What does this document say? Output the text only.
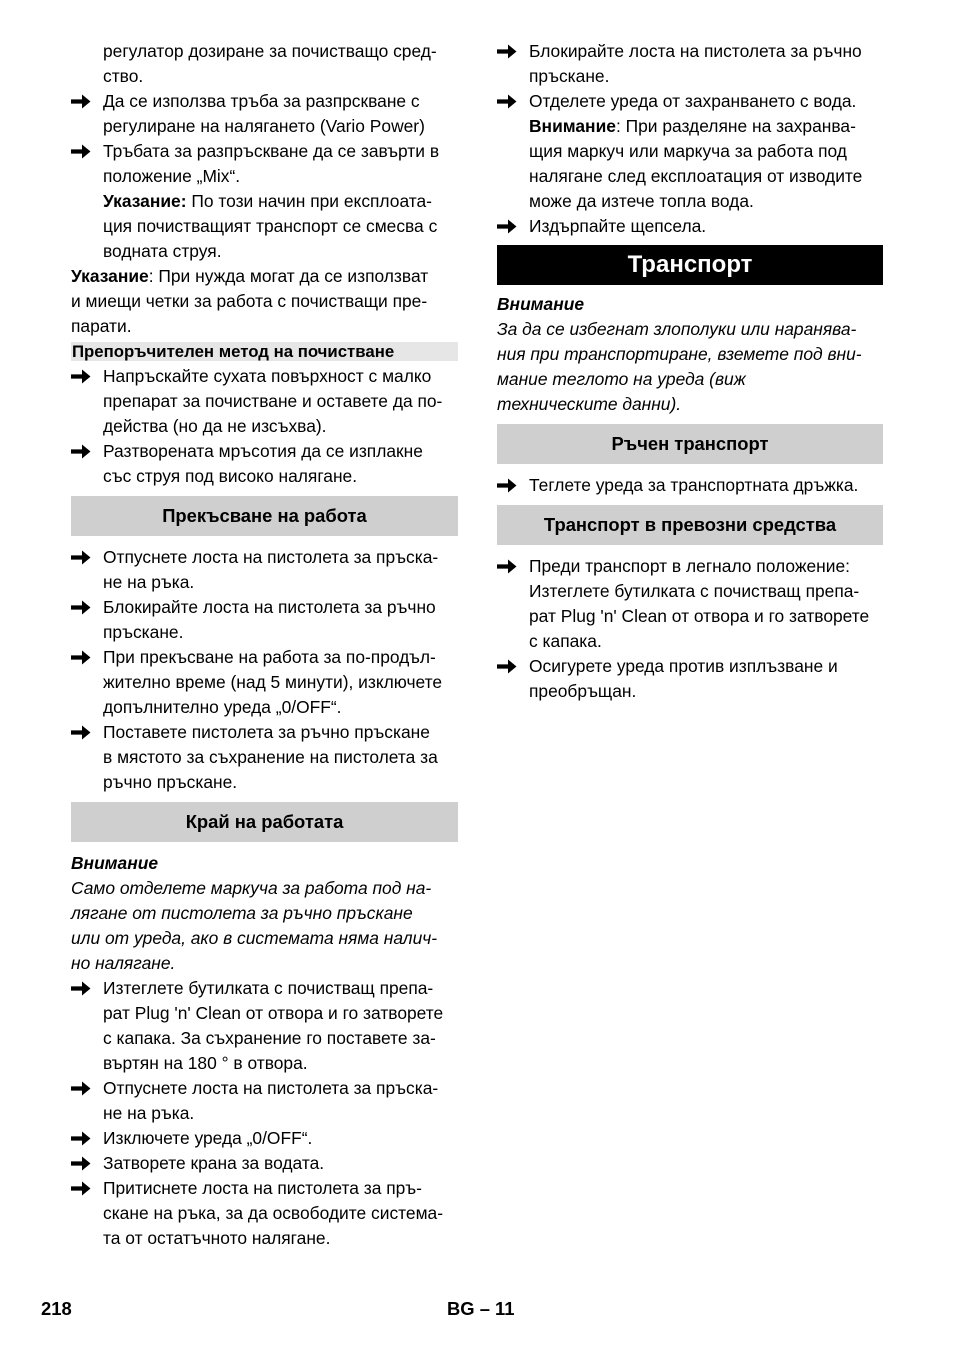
регулатор дозиране за почистващо сред-
ство.
Да се използва тръба за разпрскване с
регулиране на налягането (Vario Power)
Тръбата за разпръскване да се завърти в
положение „Mix“.
Указание: По този начин при експлоата-
ция почистващият транспорт се смесва с
водната струя.
Указание: При нужда могат да се използват
и миещи четки за работа с почистващи пре-
парати.
Препоръчителен метод на почистване
Напръскайте сухата повърхност с малко
препарат за почистване и оставете да по-
действа (но да не изсъхва).
Разтворената мръсотия да се изплакне
със струя под високо налягане.
Прекъсване на работа
Отпуснете лоста на пистолета за пръска-
не на ръка.
Блокирайте лоста на пистолета за ръчно
пръскане.
При прекъсване на работа за по-продъл-
жително време (над 5 минути), изключете
допълнително уреда „0/OFF“.
Поставете пистолета за ръчно пръскане
в мястото за съхранение на пистолета за
ръчно пръскане.
Край на работата
Внимание
Само отделете маркуча за работа под на-
лягане от пистолета за ръчно пръскане
или от уреда, ако в системата няма налич-
но налягане.
Изтеглете бутилката с почистващ препа-
рат Plug 'n' Clean от отвора и го затворете
с капака. За съхранение го поставете за-
въртян на 180 ° в отвора.
Отпуснете лоста на пистолета за пръска-
не на ръка.
Изключете уреда „0/OFF“.
Затворете крана за водата.
Притиснете лоста на пистолета за пръ-
скане на ръка, за да освободите система-
та от остатъчното налягане.
Блокирайте лоста на пистолета за ръчно
пръскане.
Отделете уреда от захранването с вода.
Внимание: При разделяне на захранва-
щия маркуч или маркуча за работа под
налягане след експлоатация от изводите
може да изтече топла вода.
Издърпайте щепсела.
Транспорт
Внимание
За да се избегнат злополуки или наранява-
ния при транспортиране, вземете под вни-
мание теглото на уреда (виж
техническите данни).
Ръчен транспорт
Теглете уреда за транспортната дръжка.
Транспорт в превозни средства
Преди транспорт в легнало положение:
Изтеглете бутилката с почистващ препа-
рат Plug 'n' Clean от отвора и го затворете
с капака.
Осигурете уреда против изплъзване и
преобръщан.
218	BG – 11
